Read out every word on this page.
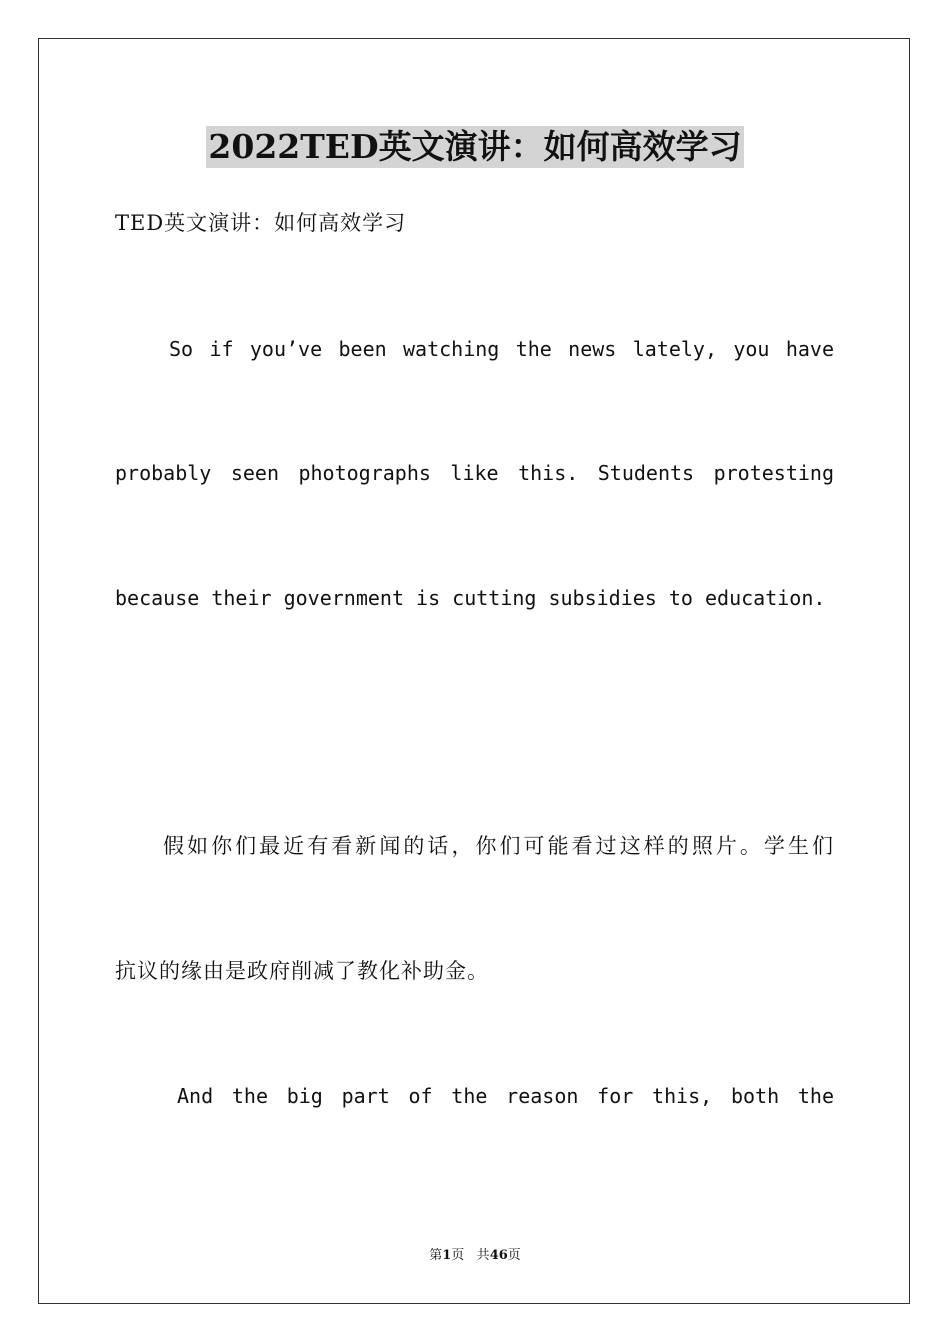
2022TED英文演讲：如何高效学习
TED英文演讲：如何高效学习
So if you’ve been watching the news lately, you have
probably seen photographs like this. Students protesting
because their government is cutting subsidies to education.
假如你们最近有看新闻的话，你们可能看过这样的照片。学生们
抗议的缘由是政府削减了教化补助金。
And the big part of the reason for this, both the
第1页 共46页
